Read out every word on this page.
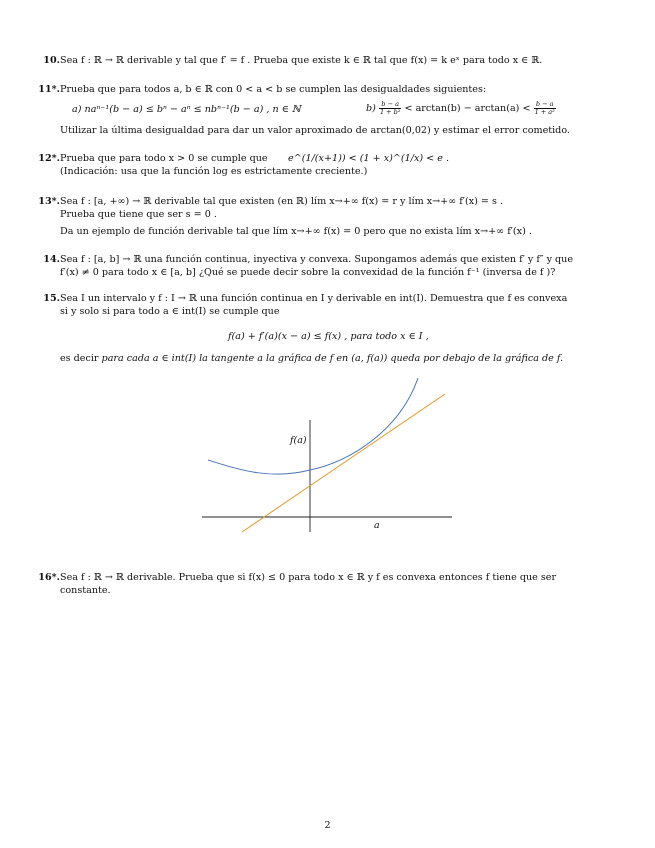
10. Sea f : ℝ → ℝ derivable y tal que f′ = f . Prueba que existe k ∈ ℝ tal que f(x) = k eˣ para todo x ∈ ℝ.
11*. Prueba que para todos a, b ∈ ℝ con 0 < a < b se cumplen las desigualdades siguientes:
a) naⁿ⁻¹(b − a) ≤ bⁿ − aⁿ ≤ nbⁿ⁻¹(b − a) , n ∈ ℕ	$b) \frac{b - a}{\text{1 + b²}} < \arctan(b) - \arctan(a) < \frac{b - a}{\text{1 + a²}}$
Utilizar la última desigualdad para dar un valor aproximado de arctan(0,02) y estimar el error cometido.
12*. Prueba que para todo x > 0 se cumple que e^(1/(x+1)) < (1 + x)^(1/x) < e .
(Indicación: usa que la función log es estrictamente creciente.)
13*. Sea f : [a, +∞) → ℝ derivable tal que existen (en ℝ) lím x→+∞ f(x) = r y lím x→+∞ f′(x) = s .
Prueba que tiene que ser s = 0 .
Da un ejemplo de función derivable tal que lím x→+∞ f(x) = 0 pero que no exista lím x→+∞ f′(x) .
14. Sea f : [a, b] → ℝ una función continua, inyectiva y convexa. Supongamos además que existen f′ y f″ y que
f′(x) ≠ 0 para todo x ∈ [a, b] ¿Qué se puede decir sobre la convexidad de la función f⁻¹ (inversa de f )?
15. Sea I un intervalo y f : I → ℝ una función continua en I y derivable en int(I). Demuestra que f es convexa
si y solo si para todo a ∈ int(I) se cumple que
f(a) + f′(a)(x − a) ≤ f(x) , para todo x ∈ I ,
es decir para cada a ∈ int(I) la tangente a la gráfica de f en (a, f(a)) queda por debajo de la gráfica de f.
f(a)
a
16*. Sea f : ℝ → ℝ derivable. Prueba que si f(x) ≤ 0 para todo x ∈ ℝ y f es convexa entonces f tiene que ser
constante.
2
